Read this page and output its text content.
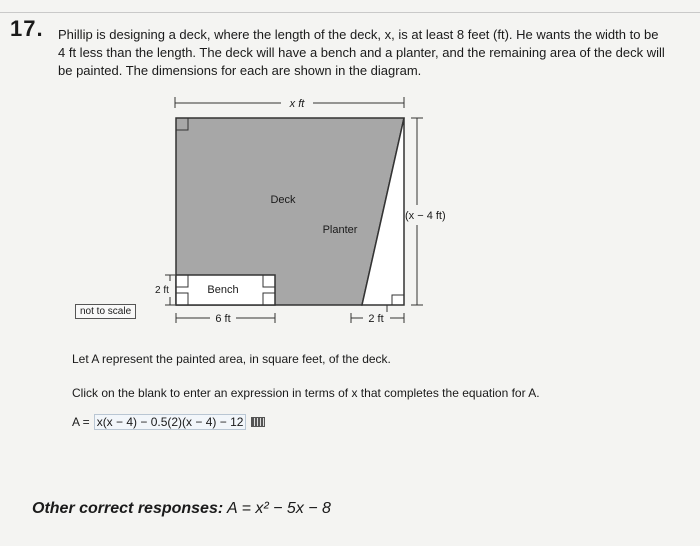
17. Phillip is designing a deck, where the length of the deck, x, is at least 8 feet (ft). He wants the width to be 4 ft less than the length. The deck will have a bench and a planter, and the remaining area of the deck will be painted. The dimensions for each are shown in the diagram.

x ft
(x − 4 ft)
2 ft
6 ft	2 ft
Deck
Planter
Bench
not to scale
Let A represent the painted area, in square feet, of the deck.
Click on the blank to enter an expression in terms of x that completes the equation for A.
A = x(x − 4) − 0.5(2)(x − 4) − 12
Other correct responses: A = x² − 5x − 8
